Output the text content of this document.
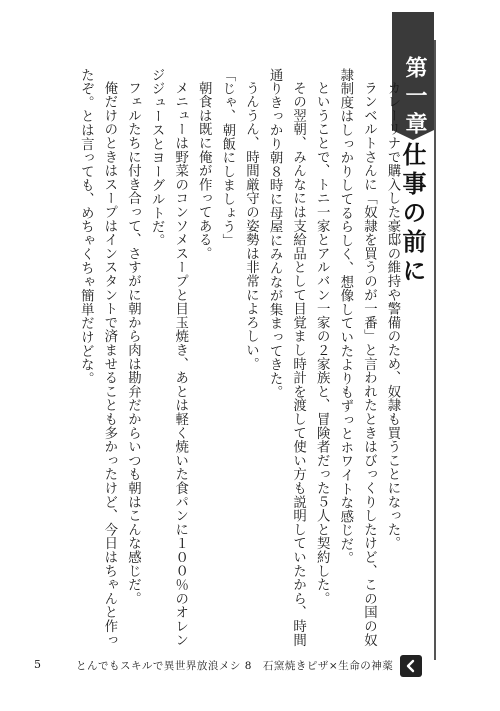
第一章
仕事の前に

カレーリナで購入した豪邸の維持や警備のため、奴隷も買うことになった。

ランベルトさんに「奴隷を買うのが一番」と言われたときはびっくりしたけど、この国の奴隷制度はしっかりしてるらしく、想像していたよりもずっとホワイトな感じだ。

ということで、トニ一家とアルバン一家の２家族と、冒険者だった５人と契約した。

その翌朝、みんなには支給品として目覚まし時計を渡して使い方も説明していたから、時間通りきっかり朝８時に母屋にみんなが集まってきた。

うんうん、時間厳守の姿勢は非常によろしい。

「じゃ、朝飯にしましょう」

朝食は既に俺が作ってある。

メニューは野菜のコンソメスープと目玉焼き、あとは軽く焼いた食パンに１００％のオレンジジュースとヨーグルトだ。

フェルたちに付き合って、さすがに朝から肉は勘弁だからいつも朝はこんな感じだ。

俺だけのときはスープはインスタントで済ませることも多かったけど、今日はちゃんと作ったぞ。とは言っても、めちゃくちゃ簡単だけどな。

5	とんでもスキルで異世界放浪メシ 8　石窯焼きピザ×生命の神薬
